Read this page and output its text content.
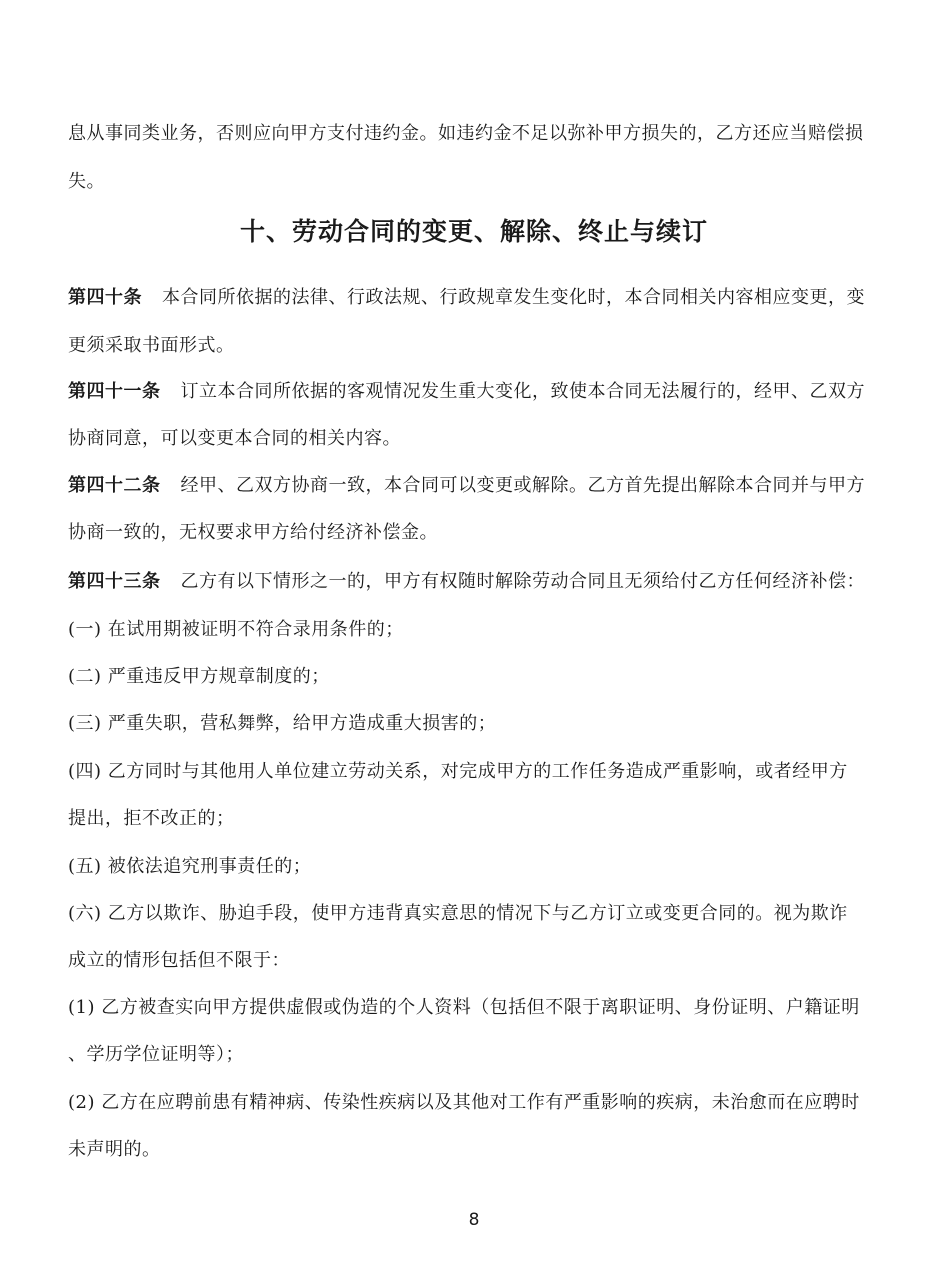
息从事同类业务，否则应向甲方支付违约金。如违约金不足以弥补甲方损失的，乙方还应当赔偿损
失。
十、劳动合同的变更、解除、终止与续订
第四十条 本合同所依据的法律、行政法规、行政规章发生变化时，本合同相关内容相应变更，变
更须采取书面形式。
第四十一条 订立本合同所依据的客观情况发生重大变化，致使本合同无法履行的，经甲、乙双方
协商同意，可以变更本合同的相关内容。
第四十二条 经甲、乙双方协商一致，本合同可以变更或解除。乙方首先提出解除本合同并与甲方
协商一致的，无权要求甲方给付经济补偿金。
第四十三条 乙方有以下情形之一的，甲方有权随时解除劳动合同且无须给付乙方任何经济补偿：
(一) 在试用期被证明不符合录用条件的；
(二) 严重违反甲方规章制度的；
(三) 严重失职，营私舞弊，给甲方造成重大损害的；
(四) 乙方同时与其他用人单位建立劳动关系，对完成甲方的工作任务造成严重影响，或者经甲方
提出，拒不改正的；
(五) 被依法追究刑事责任的；
(六) 乙方以欺诈、胁迫手段，使甲方违背真实意思的情况下与乙方订立或变更合同的。视为欺诈
成立的情形包括但不限于：
(1) 乙方被查实向甲方提供虚假或伪造的个人资料（包括但不限于离职证明、身份证明、户籍证明
、学历学位证明等）；
(2) 乙方在应聘前患有精神病、传染性疾病以及其他对工作有严重影响的疾病，未治愈而在应聘时
未声明的。
8
